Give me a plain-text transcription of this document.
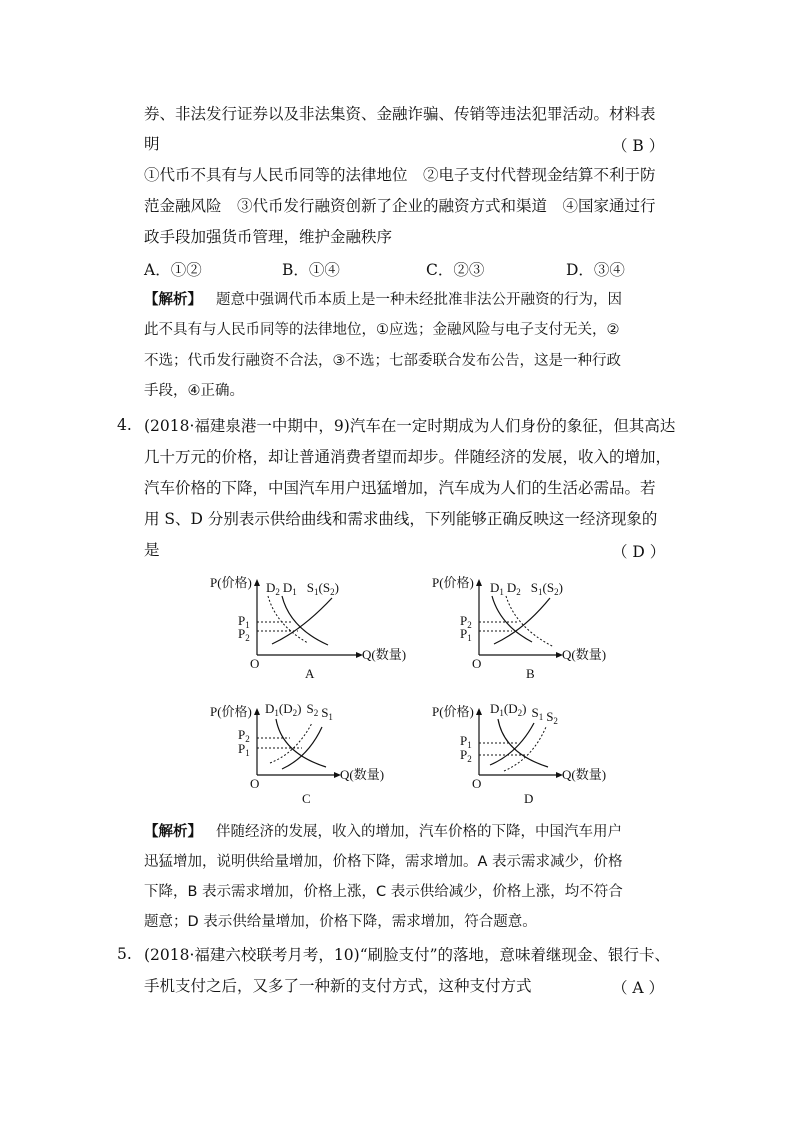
券、非法发行证券以及非法集资、金融诈骗、传销等违法犯罪活动。材料表
明	（ B ）
①代币不具有与人民币同等的法律地位　②电子支付代替现金结算不利于防
范金融风险　③代币发行融资创新了企业的融资方式和渠道　④国家通过行
政手段加强货币管理，维护金融秩序
A．①②	B．①④	C．②③	D．③④
【解析】 题意中强调代币本质上是一种未经批准非法公开融资的行为，因
此不具有与人民币同等的法律地位，①应选；金融风险与电子支付无关，②
不选；代币发行融资不合法，③不选；七部委联合发布公告，这是一种行政
手段，④正确。
4. (2018·福建泉港一中期中，9)汽车在一定时期成为人们身份的象征，但其高达
几十万元的价格，却让普通消费者望而却步。伴随经济的发展，收入的增加，
汽车价格的下降，中国汽车用户迅猛增加，汽车成为人们的生活必需品。若
用 S、D 分别表示供给曲线和需求曲线，下列能够正确反映这一经济现象的
是	（ D ）
P(价格)
Q(数量)
O
A
$D_2$ $D_1$ $S_1(S_2)$
$P_1$
$P_2$
P(价格)
Q(数量)
O
B
$D_1$ $D_2$ $S_1(S_2)$
$P_2$
$P_1$
P(价格)
Q(数量)
O
C
$D_1(D_2)$ $S_2$ $S_1$
$P_2$
$P_1$
P(价格)
Q(数量)
O
D
$D_1(D_2)$ $S_1$ $S_2$
$P_1$
$P_2$
【解析】 伴随经济的发展，收入的增加，汽车价格的下降，中国汽车用户
迅猛增加，说明供给量增加，价格下降，需求增加。A 表示需求减少，价格
下降，B 表示需求增加，价格上涨，C 表示供给减少，价格上涨，均不符合
题意；D 表示供给量增加，价格下降，需求增加，符合题意。
5. (2018·福建六校联考月考，10)“刷脸支付”的落地，意味着继现金、银行卡、
手机支付之后，又多了一种新的支付方式，这种支付方式	（ A ）
